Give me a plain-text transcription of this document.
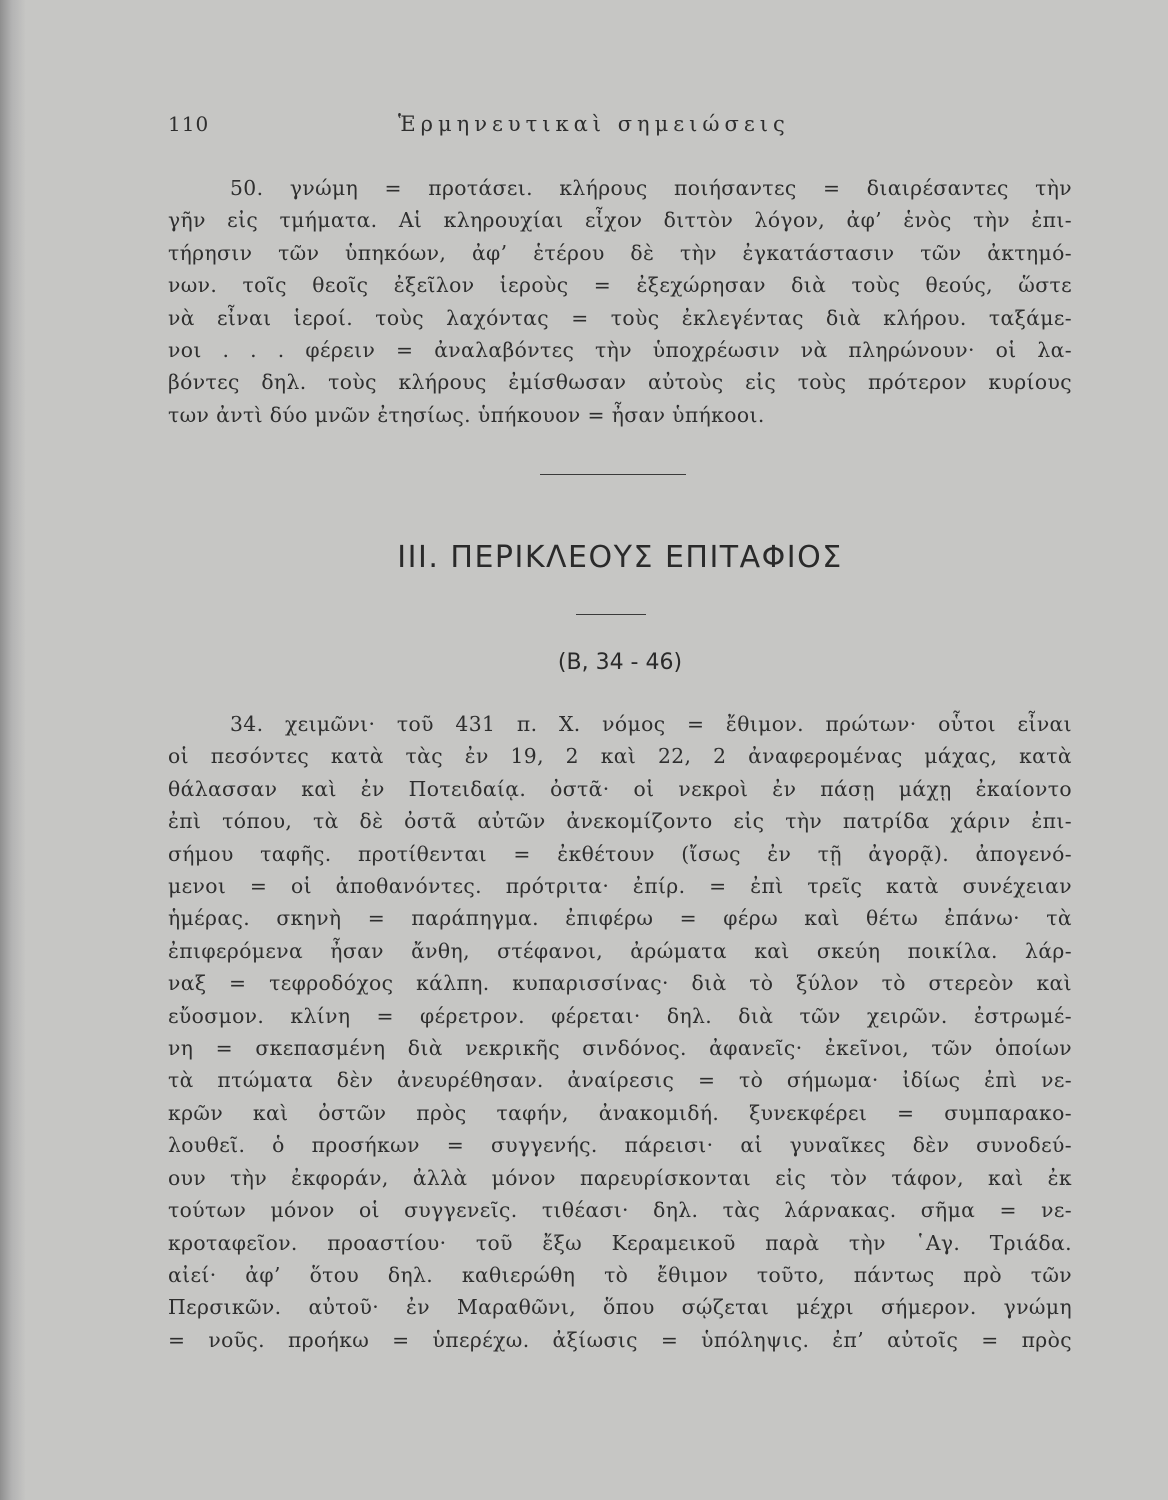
110	Ἑρμηνευτικαὶ σημειώσεις
50. γνώμη = προτάσει. κλήρους ποιήσαντες = διαιρέσαντες τὴν
γῆν εἰς τμήματα. Αἱ κληρουχίαι εἶχον διττὸν λόγον, ἀφ’ ἑνὸς τὴν ἐπι-
τήρησιν τῶν ὑπηκόων, ἀφ’ ἑτέρου δὲ τὴν ἐγκατάστασιν τῶν ἀκτημό-
νων. τοῖς θεοῖς ἐξεῖλον ἱεροὺς = ἐξεχώρησαν διὰ τοὺς θεούς, ὥστε
νὰ εἶναι ἱεροί. τοὺς λαχόντας = τοὺς ἐκλεγέντας διὰ κλήρου. ταξάμε-
νοι . . . φέρειν = ἀναλαβόντες τὴν ὑποχρέωσιν νὰ πληρώνουν· οἱ λα-
βόντες δηλ. τοὺς κλήρους ἐμίσθωσαν αὐτοὺς εἰς τοὺς πρότερον κυρίους
των ἀντὶ δύο μνῶν ἐτησίως. ὑπήκουον = ἦσαν ὑπήκοοι.
III. ΠΕΡΙΚΛΕΟΥΣ ΕΠΙΤΑΦΙΟΣ
(B, 34 - 46)
34. χειμῶνι· τοῦ 431 π. Χ. νόμος = ἔθιμον. πρώτων· οὗτοι εἶναι
οἱ πεσόντες κατὰ τὰς ἐν 19, 2 καὶ 22, 2 ἀναφερομένας μάχας, κατὰ
θάλασσαν καὶ ἐν Ποτειδαίᾳ. ὀστᾶ· οἱ νεκροὶ ἐν πάσῃ μάχῃ ἐκαίοντο
ἐπὶ τόπου, τὰ δὲ ὀστᾶ αὐτῶν ἀνεκομίζοντο εἰς τὴν πατρίδα χάριν ἐπι-
σήμου ταφῆς. προτίθενται = ἐκθέτουν (ἴσως ἐν τῇ ἀγορᾷ). ἀπογενό-
μενοι = οἱ ἀποθανόντες. πρότριτα· ἐπίρ. = ἐπὶ τρεῖς κατὰ συνέχειαν
ἡμέρας. σκηνὴ = παράπηγμα. ἐπιφέρω = φέρω καὶ θέτω ἐπάνω· τὰ
ἐπιφερόμενα ἦσαν ἄνθη, στέφανοι, ἀρώματα καὶ σκεύη ποικίλα. λάρ-
ναξ = τεφροδόχος κάλπη. κυπαρισσίνας· διὰ τὸ ξύλον τὸ στερεὸν καὶ
εὔοσμον. κλίνη = φέρετρον. φέρεται· δηλ. διὰ τῶν χειρῶν. ἐστρωμέ-
νη = σκεπασμένη διὰ νεκρικῆς σινδόνος. ἀφανεῖς· ἐκεῖνοι, τῶν ὁποίων
τὰ πτώματα δὲν ἀνευρέθησαν. ἀναίρεσις = τὸ σήμωμα· ἰδίως ἐπὶ νε-
κρῶν καὶ ὀστῶν πρὸς ταφήν, ἀνακομιδή. ξυνεκφέρει = συμπαρακο-
λουθεῖ. ὁ προσήκων = συγγενής. πάρεισι· αἱ γυναῖκες δὲν συνοδεύ-
ουν τὴν ἐκφοράν, ἀλλὰ μόνον παρευρίσκονται εἰς τὸν τάφον, καὶ ἐκ
τούτων μόνον οἱ συγγενεῖς. τιθέασι· δηλ. τὰς λάρνακας. σῆμα = νε-
κροταφεῖον. προαστίου· τοῦ ἔξω Κεραμεικοῦ παρὰ τὴν ῾Αγ. Τριάδα.
αἰεί· ἀφ’ ὅτου δηλ. καθιερώθη τὸ ἔθιμον τοῦτο, πάντως πρὸ τῶν
Περσικῶν. αὐτοῦ· ἐν Μαραθῶνι, ὅπου σῴζεται μέχρι σήμερον. γνώμη
= νοῦς. προήκω = ὑπερέχω. ἀξίωσις = ὑπόληψις. ἐπ’ αὐτοῖς = πρὸς
